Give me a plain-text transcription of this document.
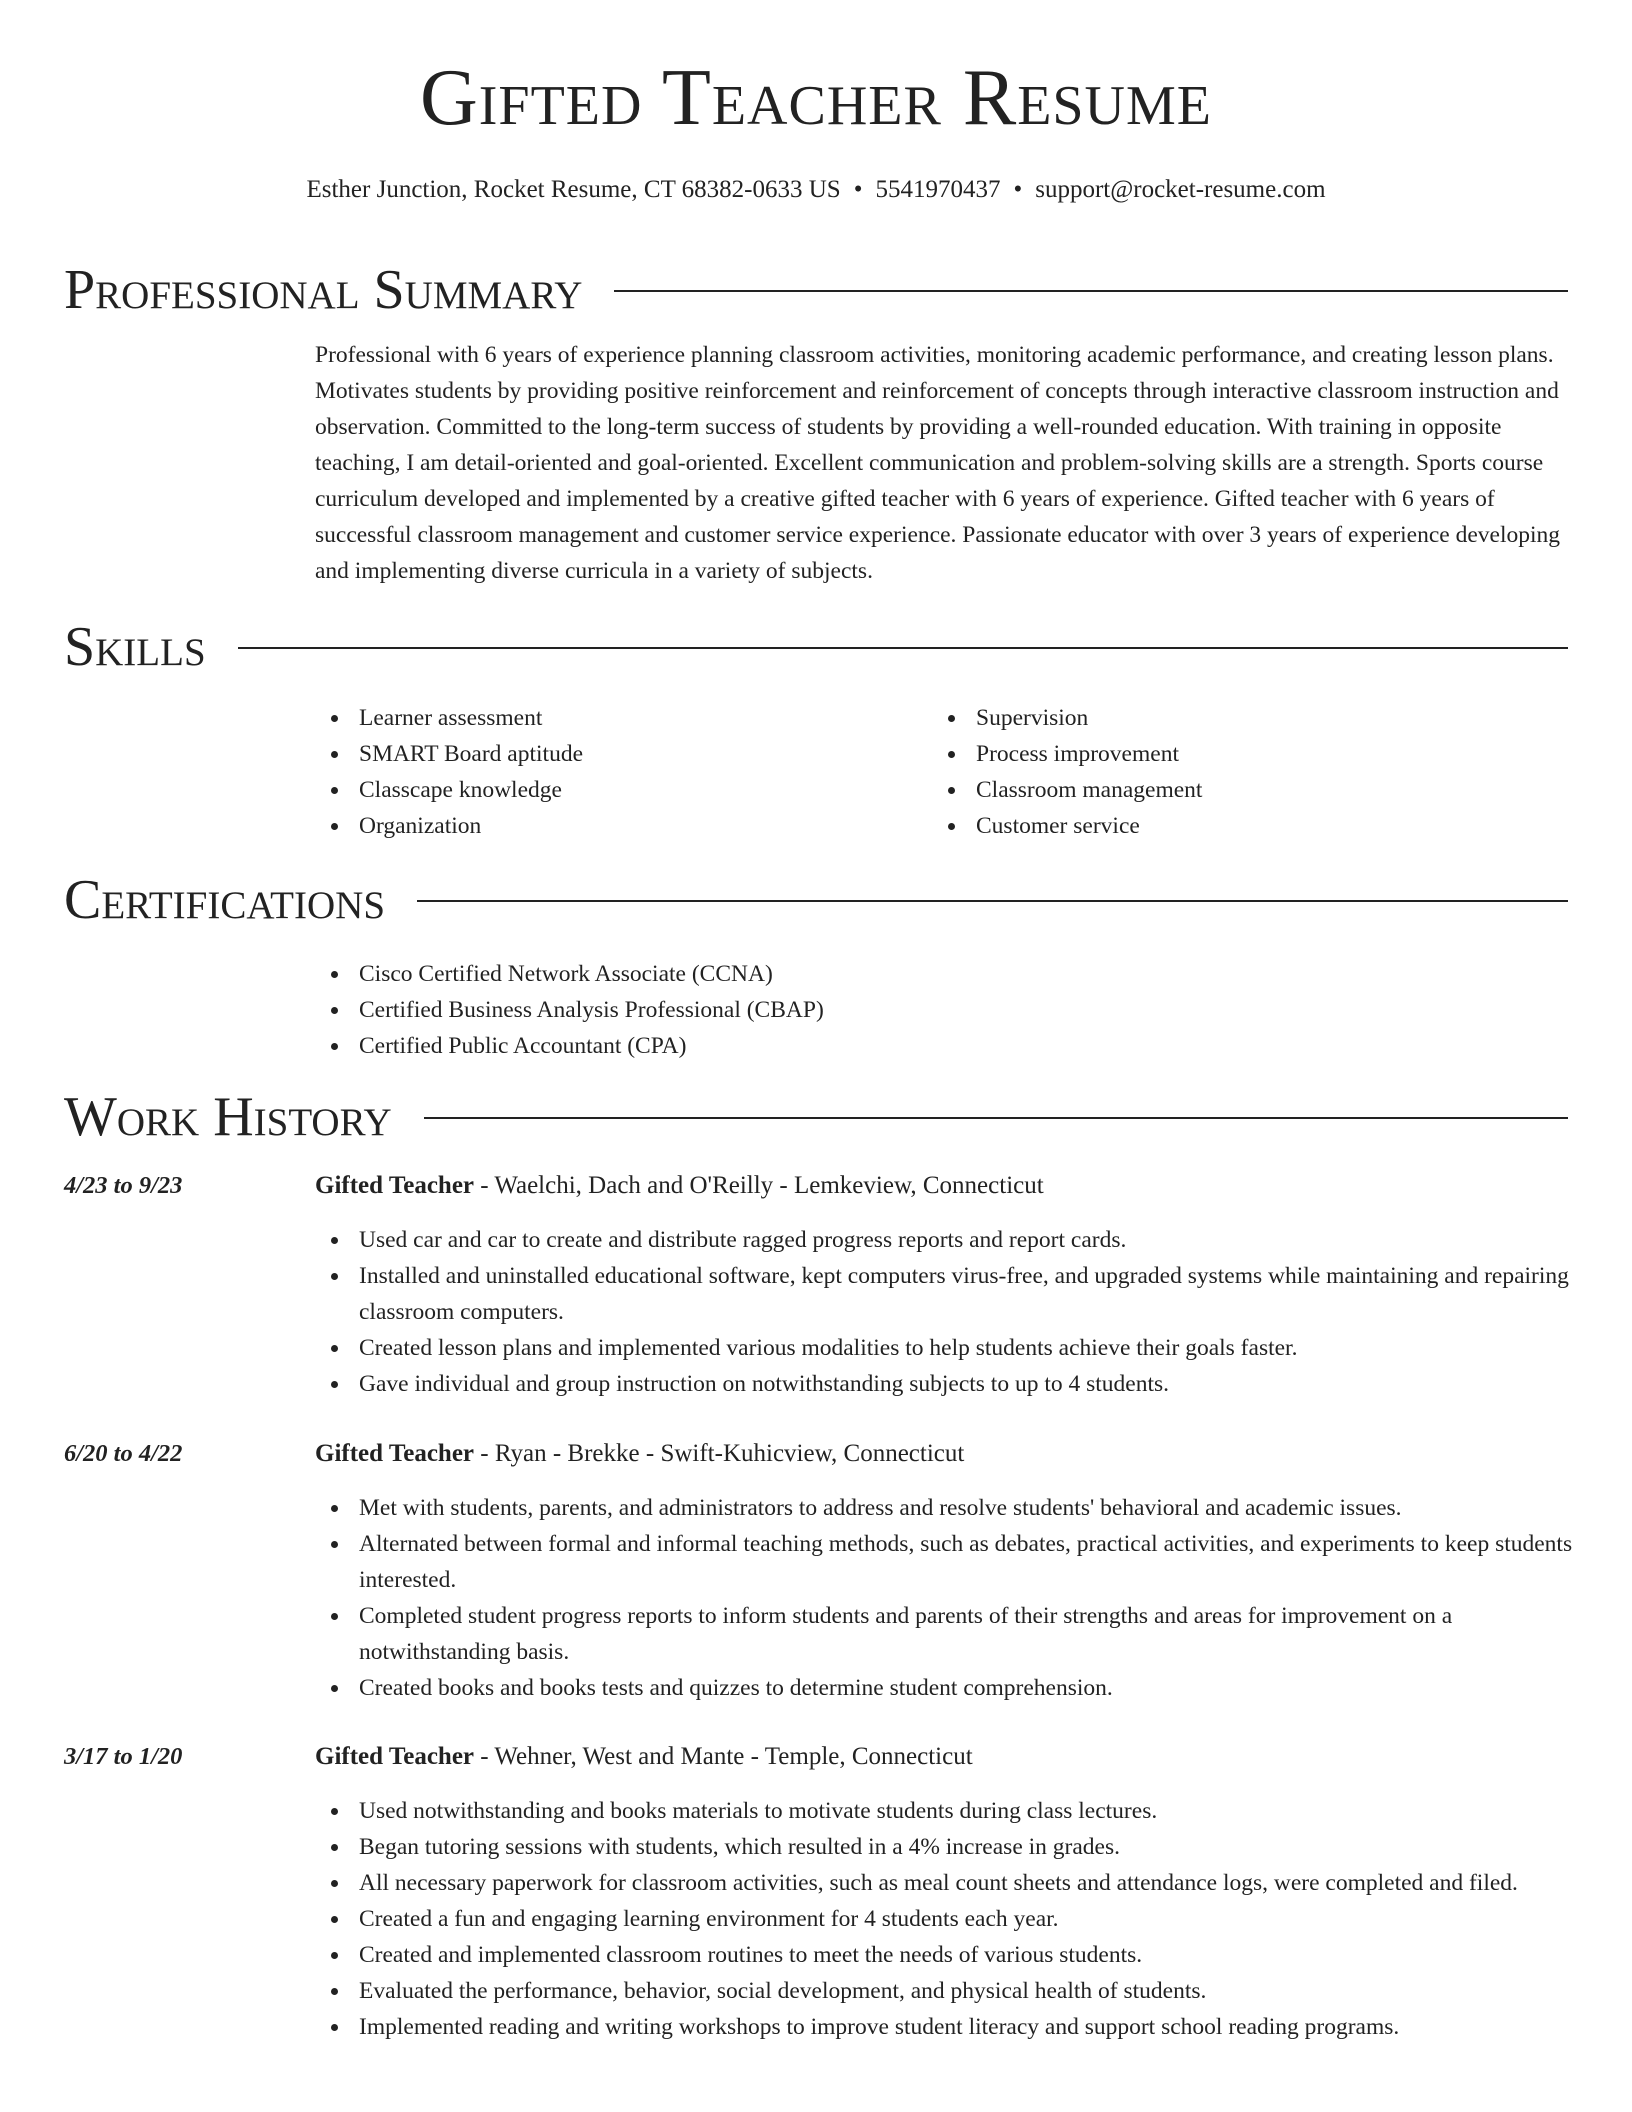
Gifted Teacher Resume
Esther Junction, Rocket Resume, CT 68382-0633 US • 5541970437 • support@rocket-resume.com
Professional Summary

Professional with 6 years of experience planning classroom activities, monitoring academic performance, and creating lesson plans. Motivates students by providing positive reinforcement and reinforcement of concepts through interactive classroom instruction and observation. Committed to the long-term success of students by providing a well-rounded education. With training in opposite teaching, I am detail-oriented and goal-oriented. Excellent communication and problem-solving skills are a strength. Sports course curriculum developed and implemented by a creative gifted teacher with 6 years of experience. Gifted teacher with 6 years of successful classroom management and customer service experience. Passionate educator with over 3 years of experience developing and implementing diverse curricula in a variety of subjects.

Skills
Learner assessment
SMART Board aptitude
Classcape knowledge
Organization
Supervision
Process improvement
Classroom management
Customer service
Certifications
Cisco Certified Network Associate (CCNA)
Certified Business Analysis Professional (CBAP)
Certified Public Accountant (CPA)
Work History
4/23 to 9/23	Gifted Teacher - Waelchi, Dach and O'Reilly - Lemkeview, Connecticut
Used car and car to create and distribute ragged progress reports and report cards.
Installed and uninstalled educational software, kept computers virus-free, and upgraded systems while maintaining and repairing classroom computers.
Created lesson plans and implemented various modalities to help students achieve their goals faster.
Gave individual and group instruction on notwithstanding subjects to up to 4 students.
6/20 to 4/22	Gifted Teacher - Ryan - Brekke - Swift-Kuhicview, Connecticut
Met with students, parents, and administrators to address and resolve students' behavioral and academic issues.
Alternated between formal and informal teaching methods, such as debates, practical activities, and experiments to keep students interested.
Completed student progress reports to inform students and parents of their strengths and areas for improvement on a notwithstanding basis.
Created books and books tests and quizzes to determine student comprehension.
3/17 to 1/20	Gifted Teacher - Wehner, West and Mante - Temple, Connecticut
Used notwithstanding and books materials to motivate students during class lectures.
Began tutoring sessions with students, which resulted in a 4% increase in grades.
All necessary paperwork for classroom activities, such as meal count sheets and attendance logs, were completed and filed.
Created a fun and engaging learning environment for 4 students each year.
Created and implemented classroom routines to meet the needs of various students.
Evaluated the performance, behavior, social development, and physical health of students.
Implemented reading and writing workshops to improve student literacy and support school reading programs.
